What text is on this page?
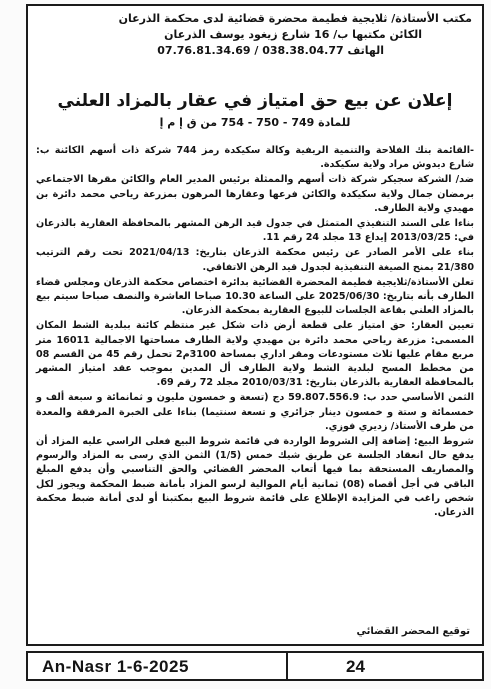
مكتب الأستاذة/ ثلايجية فطيمة محضرة قضائية لدى محكمة الذرعان
الكائن مكتبها ب/ 16 شارع زيغود يوسف الذرعان
الهاتف 038.38.04.77 / 07.76.81.34.69
إعلان عن بيع حق امتياز في عقار بالمزاد العلني
للمادة 749 - 750 - 754 من ق إ م إ

-القائمة بنك الفلاحة والتنمية الريفية وكالة سكيكدة رمز 744 شركة ذات أسهم الكائنة ب: شارع ديدوش مراد ولاية سكيكدة.

ضد/ الشركة سجيكر شركة ذات أسهم والممثلة برئيس المدير العام والكائن مقرها الاجتماعي برمضان جمال ولاية سكيكدة والكائن فرعها وعقارها المرهون بمزرعة رياحي محمد دائرة بن مهيدي ولاية الطارف.

بناءا على السند التنفيذي المتمثل في جدول قيد الرهن المشهر بالمحافظة العقارية بالذرعان في: 2013/03/25 إيداع 13 مجلد 24 رقم 11.

بناء على الأمر الصادر عن رئيس محكمة الذرعان بتاريخ: 2021/04/13 تحت رقم الترتيب 21/380 بمنح الصيغة التنفيذية لجدول قيد الرهن الاتفاقي.

تعلن الأستاذة/ثلايجية فطيمة المحضرة القضائية بدائرة اختصاص محكمة الذرعان ومجلس قضاء الطارف بأنه بتاريخ: 2025/06/30 على الساعة 10.30 صباحا العاشرة والنصف صباحا سيتم بيع بالمزاد العلني بقاعة الجلسات للبيوع العقارية بمحكمة الذرعان.

تعيين العقار: حق امتياز على قطعة أرض ذات شكل غير منتظم كائنة ببلدية الشط المكان المسمى: مزرعة رياحي محمد دائرة بن مهيدي ولاية الطارف مساحتها الاجمالية 16011 متر مربع مقام عليها ثلاث مستودعات ومقر اداري بمساحة 3100م2 تحمل رقم 45 من القسم 08 من مخطط المسح لبلدية الشط ولاية الطارف أل المدين بموجب عقد امتياز المشهر بالمحافظة العقارية بالذرعان بتاريخ: 2010/03/31 مجلد 72 رقم 69.

الثمن الأساسي حدد ب: 59.807.556.9 دج (تسعة و خمسون مليون و ثمانمائة و سبعة ألف و خمسمائة و ستة و خمسون دينار جزائري و تسعة سنتيما) بناءا على الخبرة المرفقة والمعدة من طرف الأستاذ/ زديري فوزي.

شروط البيع: إضافة إلى الشروط الواردة في قائمة شروط البيع فعلى الراسي عليه المزاد أن يدفع حال انعقاد الجلسة عن طريق شيك خمس (1/5) الثمن الذي رسى به المزاد والرسوم والمصاريف المستحقة بما فيها أتعاب المحضر القضائي والحق التناسبي وأن يدفع المبلغ الباقي في أجل أقصاه (08) ثمانية أيام الموالية لرسو المزاد بأمانة ضبط المحكمة ويجوز لكل شخص راغب في المزايدة الإطلاع على قائمة شروط البيع بمكتبنا أو لدى أمانة ضبط محكمة الذرعان.

توقيع المحضر القضائي
An-Nasr 1-6-2025	24
